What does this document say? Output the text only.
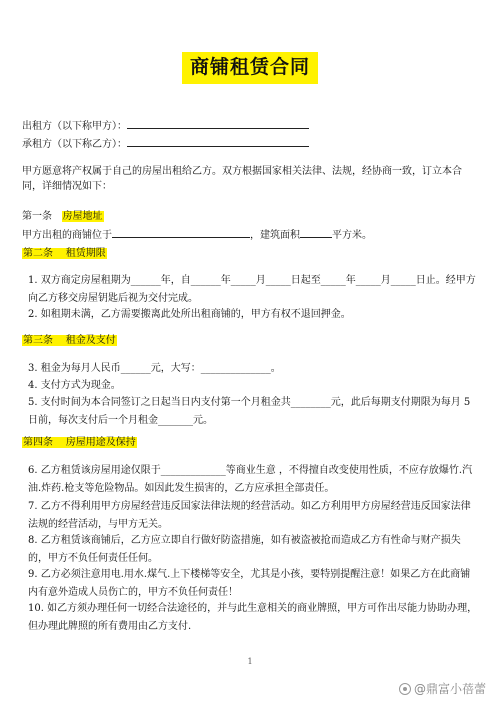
商铺租赁合同
出租方（以下称甲方）：
承租方（以下称乙方）：
甲方愿意将产权属于自己的房屋出租给乙方。双方根据国家相关法律、法规，经协商一致，订立本合同，详细情况如下：
第一条 房屋地址
甲方出租的商铺位于	，建筑面积	平方米。
第二条 租赁期限
1. 双方商定房屋租期为______年，自______年_____月_____日起至_____年_____月_____日止。经甲方向乙方移交房屋钥匙后视为交付完成。
2. 如租期未满，乙方需要搬离此处所出租商铺的，甲方有权不退回押金。
第三条 租金及支付
3. 租金为每月人民币______元，大写：______________。
4. 支付方式为现金。
5. 支付时间为本合同签订之日起当日内支付第一个月租金共________元，此后每期支付期限为每月 5 日前，每次支付后一个月租金_______元。
第四条 房屋用途及保持
6. 乙方租赁该房屋用途仅限于_____________等商业生意 ，不得擅自改变使用性质，不应存放爆竹.汽油.炸药.枪支等危险物品。如因此发生损害的，乙方应承担全部责任。
7. 乙方不得利用甲方房屋经营违反国家法律法规的经营活动。如乙方利用甲方房屋经营违反国家法律法规的经营活动，与甲方无关。
8. 乙方租赁该商铺后，乙方应立即自行做好防盗措施，如有被盗被抢而造成乙方有性命与财产损失的，甲方不负任何责任任何。
9. 乙方必须注意用电.用水.煤气.上下楼梯等安全，尤其是小孩，要特别提醒注意！如果乙方在此商铺内有意外造成人员伤亡的，甲方不负任何责任！
10. 如乙方须办理任何一切经合法途径的，并与此生意相关的商业牌照，甲方可作出尽能力协助办理，但办理此牌照的所有费用由乙方支付.
1
@鼎富小蓓蕾
